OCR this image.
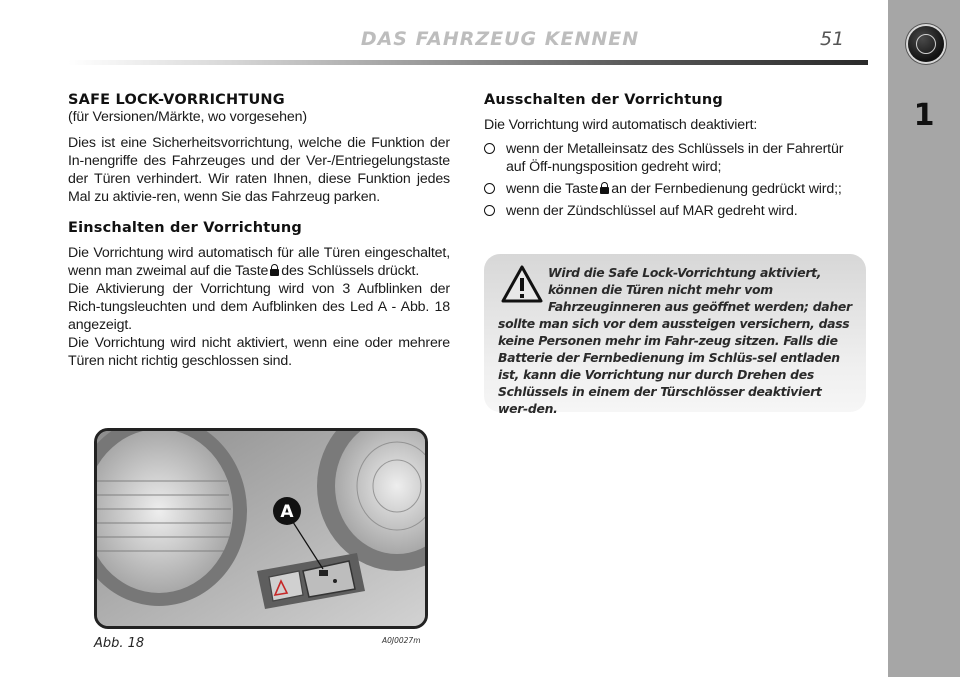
DAS FAHRZEUG KENNEN	51
1
SAFE LOCK-VORRICHTUNG

(für Versionen/Märkte, wo vorgesehen)

Dies ist eine Sicherheitsvorrichtung, welche die Funktion der In-nengriffe des Fahrzeuges und der Ver-/Entriegelungstaste der Türen verhindert. Wir raten Ihnen, diese Funktion jedes Mal zu aktivie-ren, wenn Sie das Fahrzeug parken.

Einschalten der Vorrichtung

Die Vorrichtung wird automatisch für alle Türen eingeschaltet, wenn man zweimal auf die Taste des Schlüssels drückt.

Die Aktivierung der Vorrichtung wird von 3 Aufblinken der Rich-tungsleuchten und dem Aufblinken des Led A - Abb. 18 angezeigt.

Die Vorrichtung wird nicht aktiviert, wenn eine oder mehrere Türen nicht richtig geschlossen sind.

Ausschalten der Vorrichtung

Die Vorrichtung wird automatisch deaktiviert:

wenn der Metalleinsatz des Schlüssels in der Fahrertür auf Öff-nungsposition gedreht wird;
wenn die Taste an der Fernbedienung gedrückt wird;;
wenn der Zündschlüssel auf MAR gedreht wird.
Wird die Safe Lock-Vorrichtung aktiviert, können die Türen nicht mehr vom Fahrzeuginneren aus geöffnet werden; daher sollte man sich vor dem aussteigen versichern, dass keine Personen mehr im Fahr-zeug sitzen. Falls die Batterie der Fernbedienung im Schlüs-sel entladen ist, kann die Vorrichtung nur durch Drehen des Schlüssels in einem der Türschlösser deaktiviert wer-den.
A
Abb. 18	A0J0027m
